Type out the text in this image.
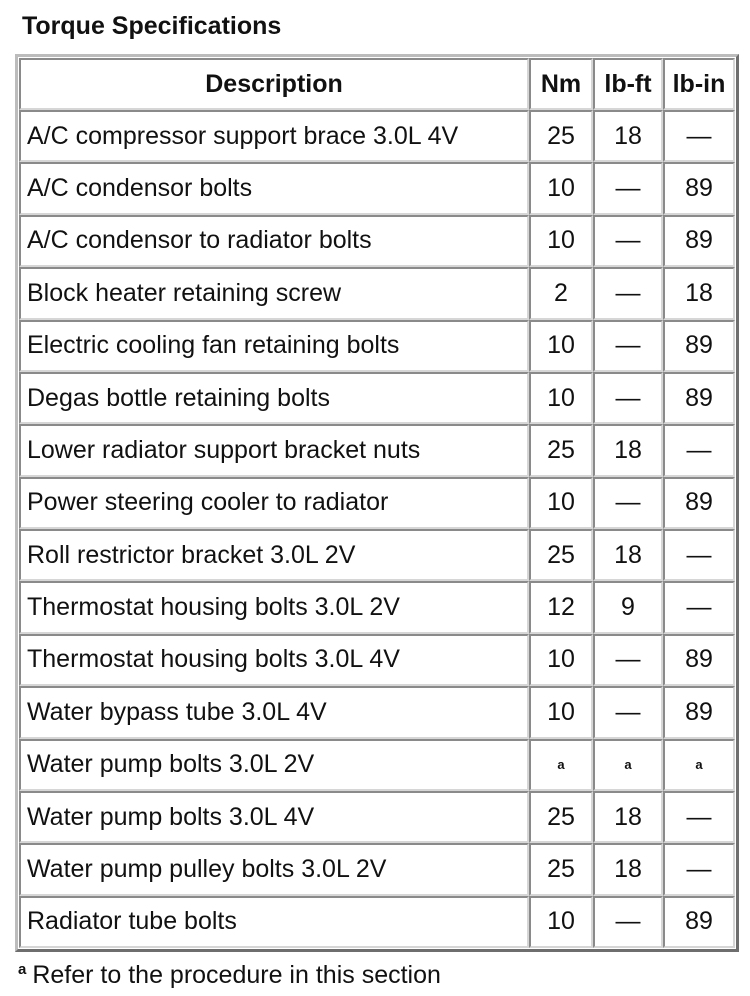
Torque Specifications
Description	Nm	lb-ft	lb-in
A/C compressor support brace 3.0L 4V	25	18	—
A/C condensor bolts	10	—	89
A/C condensor to radiator bolts	10	—	89
Block heater retaining screw	2	—	18
Electric cooling fan retaining bolts	10	—	89
Degas bottle retaining bolts	10	—	89
Lower radiator support bracket nuts	25	18	—
Power steering cooler to radiator	10	—	89
Roll restrictor bracket 3.0L 2V	25	18	—
Thermostat housing bolts 3.0L 2V	12	9	—
Thermostat housing bolts 3.0L 4V	10	—	89
Water bypass tube 3.0L 4V	10	—	89
Water pump bolts 3.0L 2V	a	a	a
Water pump bolts 3.0L 4V	25	18	—
Water pump pulley bolts 3.0L 2V	25	18	—
Radiator tube bolts	10	—	89
$^a$ Refer to the procedure in this section
